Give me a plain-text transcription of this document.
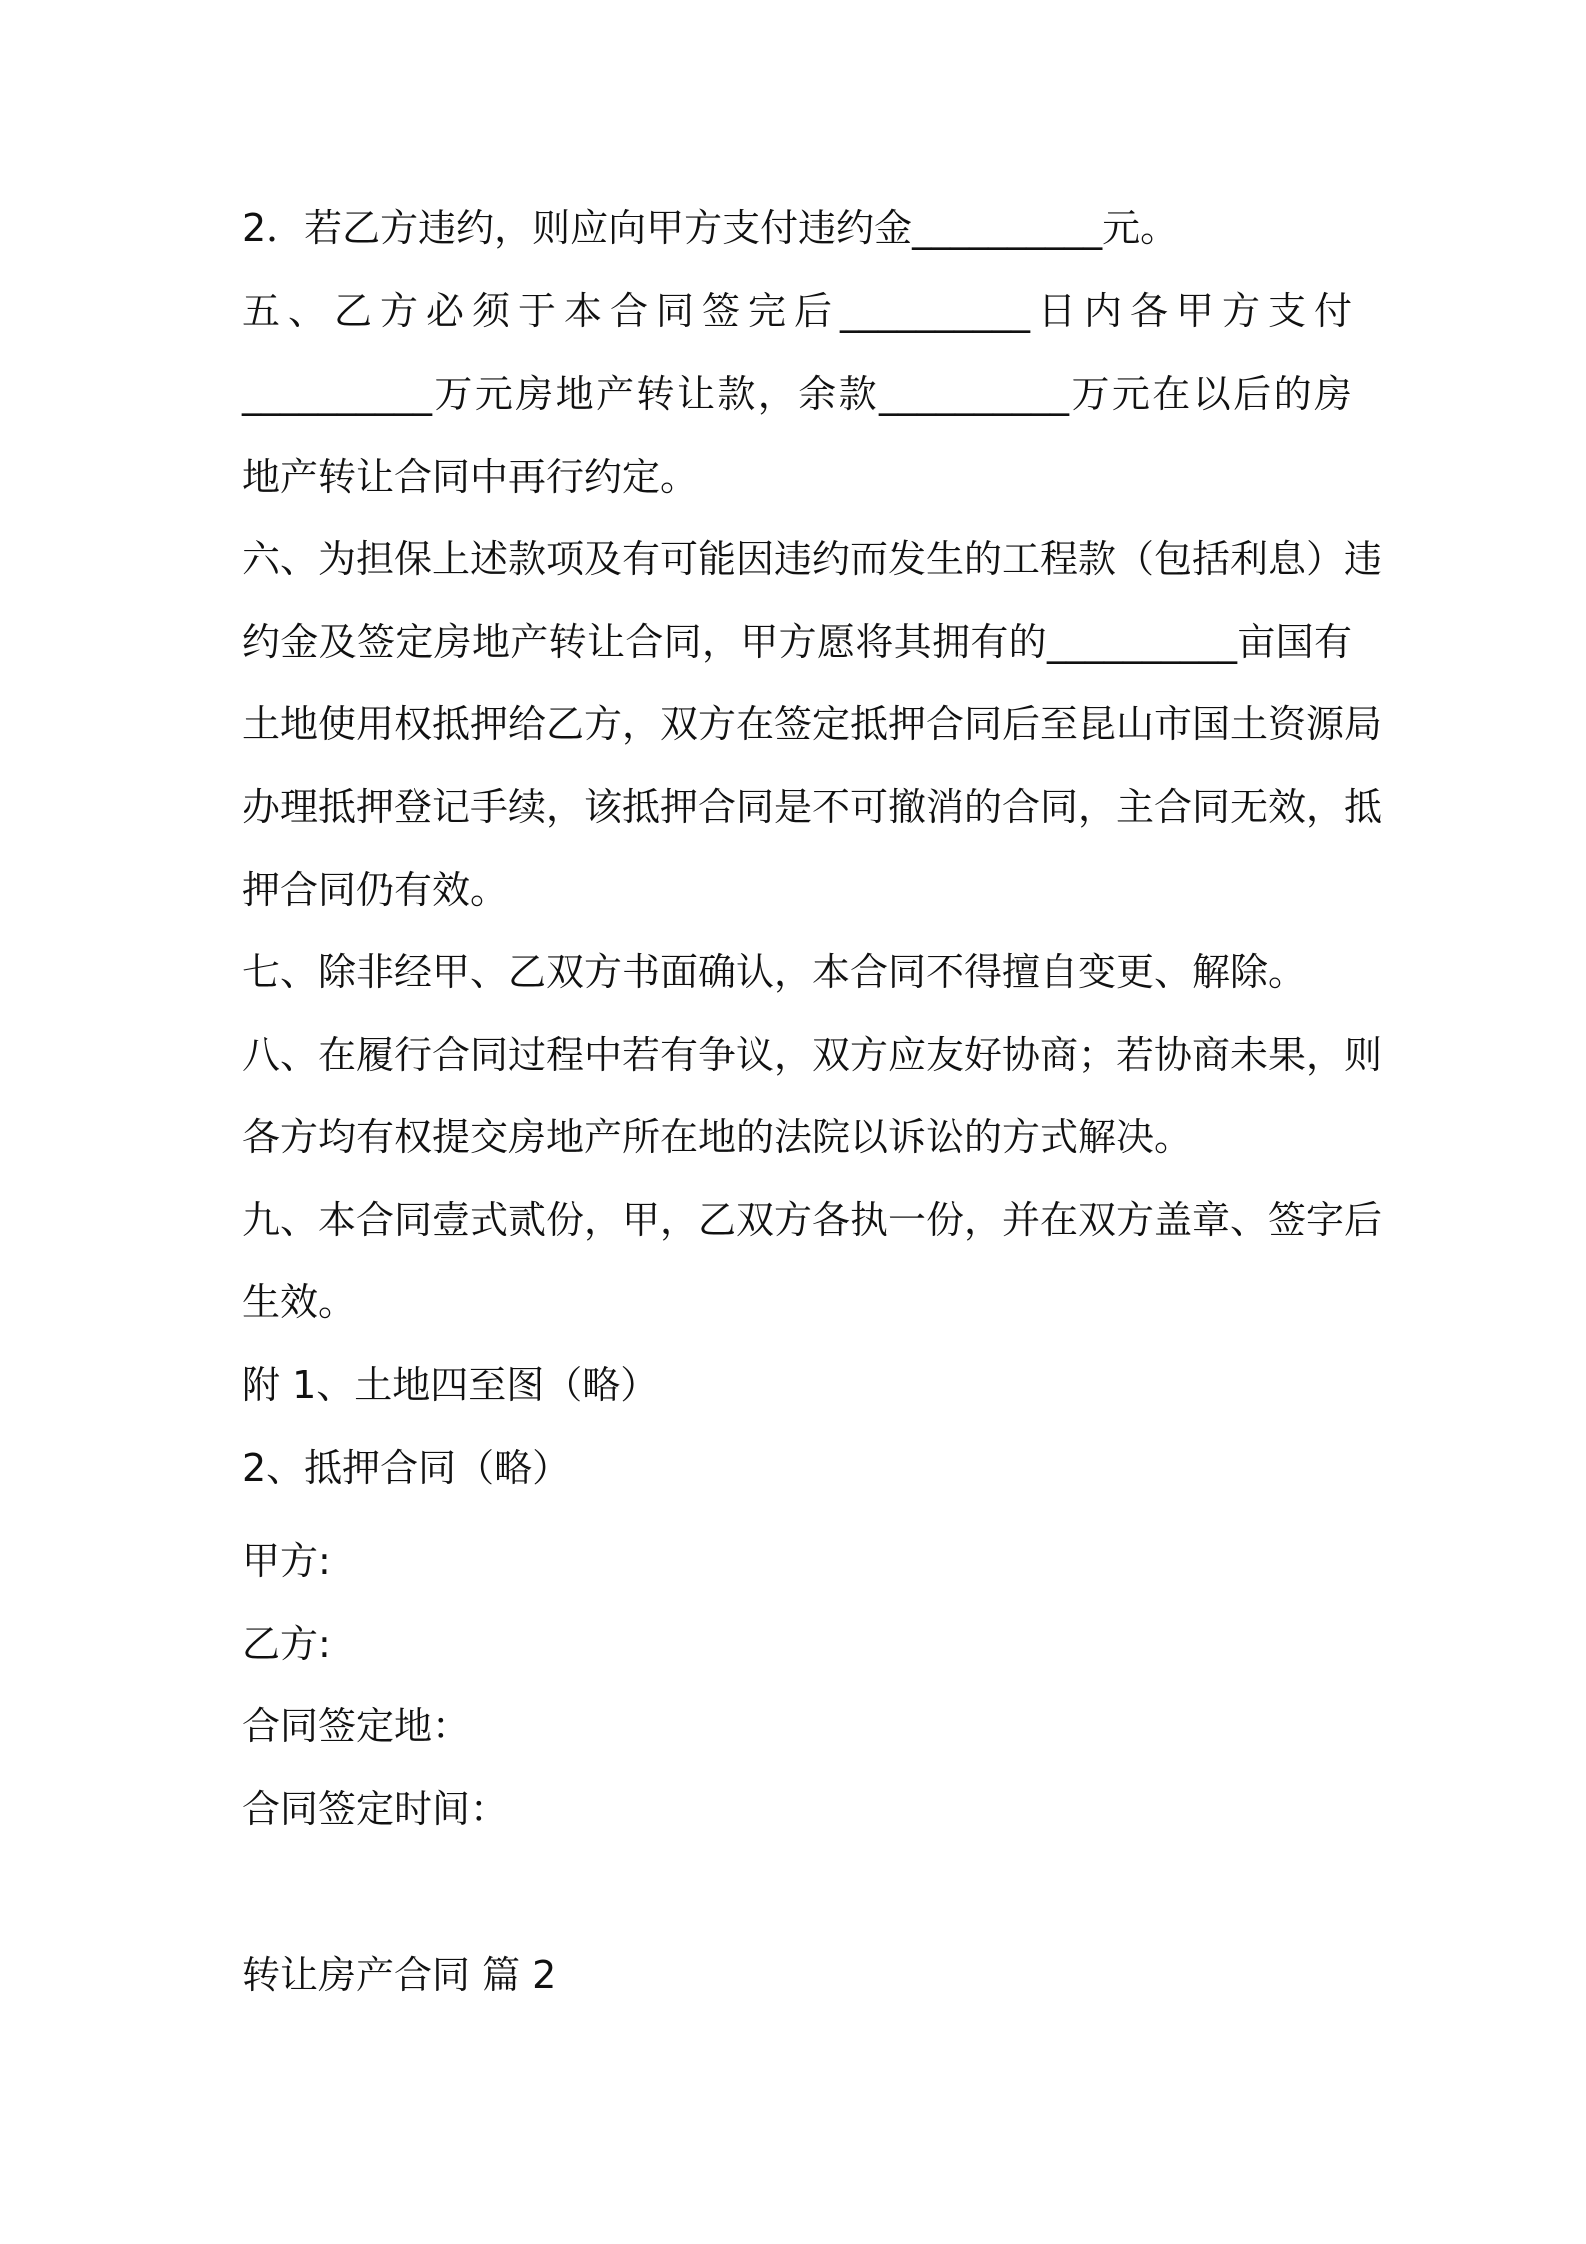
2．若乙方违约，则应向甲方支付违约金__________元。
五、乙方必须于本合同签完后__________日内各甲方支付
__________万元房地产转让款，余款__________万元在以后的房
地产转让合同中再行约定。
六、为担保上述款项及有可能因违约而发生的工程款（包括利息）违
约金及签定房地产转让合同，甲方愿将其拥有的__________亩国有
土地使用权抵押给乙方，双方在签定抵押合同后至昆山市国土资源局
办理抵押登记手续，该抵押合同是不可撤消的合同，主合同无效，抵
押合同仍有效。
七、除非经甲、乙双方书面确认，本合同不得擅自变更、解除。
八、在履行合同过程中若有争议，双方应友好协商；若协商未果，则
各方均有权提交房地产所在地的法院以诉讼的方式解决。
九、本合同壹式贰份，甲，乙双方各执一份，并在双方盖章、签字后
生效。
附 1、土地四至图（略）
2、抵押合同（略）
甲方:
乙方:
合同签定地：
合同签定时间：
转让房产合同 篇 2
